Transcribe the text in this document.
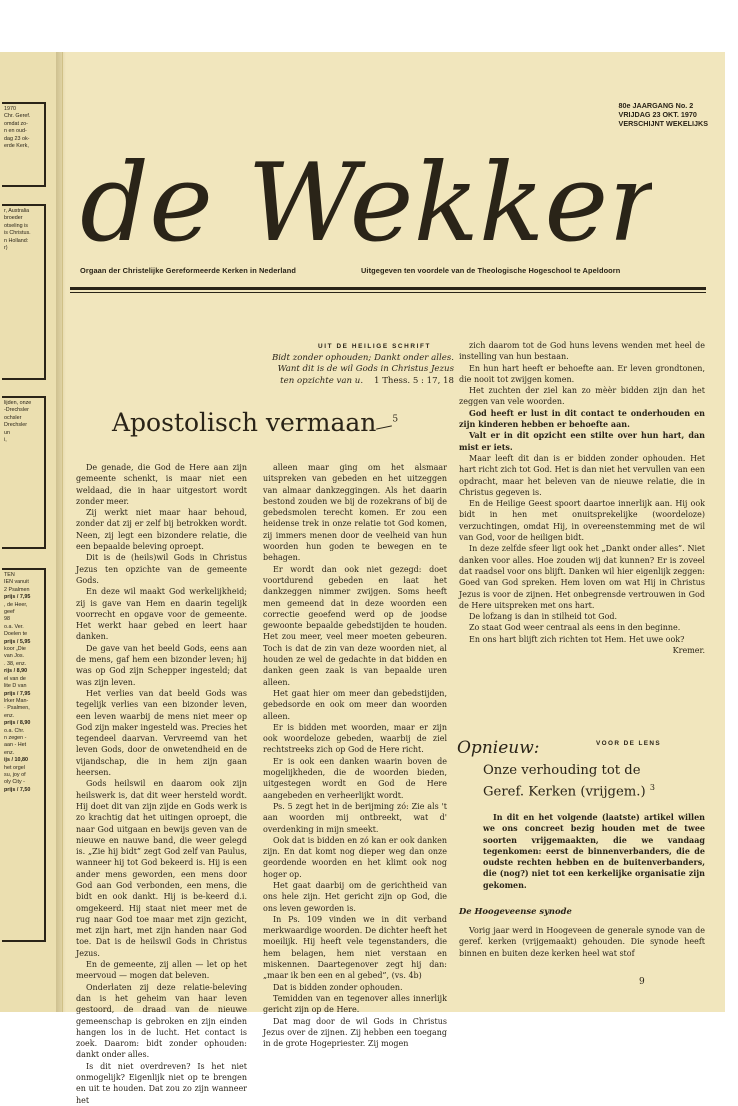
1970
Chr. Geref.
omdat zo-
n en oud-
dag 23 ok-
erde Kerk,
r, Australia
broeder
otseling is
is Christus.
n Holland:
r)
lijden, onze
-Drechsler
ochsler
Drechsler
un
i,
TEN
IEN vanuit
2 Psalmen
prijs / 7,95
, de Heer,
geef
98
o.a. Ver.
Doelen te
prijs / 5,95
koor „Die
van Jos.
. 38, enz.
rijs / 8,90
el van de
lite D van
prijs / 7,95
lrker Man-
· Psalmen,
enz.
prijs / 8,90
o.a. Chr.
n zegen -
aan - Het
enz.
ijs / 10,80
het orgel
su, joy of
oly City -
prijs / 7,50
80e JAARGANG No. 2
VRIJDAG 23 OKT. 1970
VERSCHIJNT WEKELIJKS
de Wekker
Orgaan der Christelijke Gereformeerde Kerken in Nederland	Uitgegeven ten voordele van de Theologische Hogeschool te Apeldoorn
UIT DE HEILIGE SCHRIFT
Bidt zonder ophouden; Dankt onder alles.
Want dit is de wil Gods in Christus Jezus
ten opzichte van u. 1 Thess. 5 : 17, 18
Apostolisch vermaan $^5$

De genade, die God de Here aan zijn gemeente schenkt, is maar niet een weldaad, die in haar uitgestort wordt zonder meer.

Zij werkt niet maar haar behoud, zonder dat zij er zelf bij betrokken wordt. Neen, zij legt een bizondere relatie, die een bepaalde beleving oproept.

Dit is de (heils)wil Gods in Christus Jezus ten opzichte van de gemeente Gods.

En deze wil maakt God werkelijkheid; zij is gave van Hem en daarin tegelijk voorrecht en opgave voor de gemeente. Het werkt haar gebed en leert haar danken.

De gave van het beeld Gods, eens aan de mens, gaf hem een bizonder leven; hij was op God zijn Schepper ingesteld; dat was zijn leven.

Het verlies van dat beeld Gods was tegelijk verlies van een bizonder leven, een leven waarbij de mens niet meer op God zijn maker ingesteld was. Precies het tegendeel daarvan. Vervreemd van het leven Gods, door de onwetendheid en de vijandschap, die in hem zijn gaan heersen.

Gods heilswil en daarom ook zijn heilswerk is, dat dit weer hersteld wordt. Hij doet dit van zijn zijde en Gods werk is zo krachtig dat het uitingen oproept, die naar God uitgaan en bewijs geven van de nieuwe en nauwe band, die weer gelegd is. „Zie hij bidt” zegt God zelf van Paulus, wanneer hij tot God bekeerd is. Hij is een ander mens geworden, een mens door God aan God verbonden, een mens, die bidt en ook dankt. Hij is be-keerd d.i. omgekeerd. Hij staat niet meer met de rug naar God toe maar met zijn gezicht, met zijn hart, met zijn handen naar God toe. Dat is de heilswil Gods in Christus Jezus.

En de gemeente, zij allen — let op het meervoud — mogen dat beleven.

Onderlaten zij deze relatie-beleving dan is het geheim van haar leven gestoord, de draad van de nieuwe gemeenschap is gebroken en zijn einden hangen los in de lucht. Het contact is zoek. Daarom: bidt zonder ophouden: dankt onder alles.

Is dit niet overdreven? Is het niet onmogelijk? Eigenlijk niet op te brengen en uit te houden. Dat zou zo zijn wanneer het

alleen maar ging om het alsmaar uitspreken van gebeden en het uitzeggen van almaar dankzeggingen. Als het daarin bestond zouden we bij de rozekrans of bij de gebedsmolen terecht komen. Er zou een heidense trek in onze relatie tot God komen, zij immers menen door de veelheid van hun woorden hun goden te bewegen en te behagen.

Er wordt dan ook niet gezegd: doet voortdurend gebeden en laat het dankzeggen nimmer zwijgen. Soms heeft men gemeend dat in deze woorden een correctie geoefend werd op de joodse gewoonte bepaalde gebedstijden te houden. Het zou meer, veel meer moeten gebeuren. Toch is dat de zin van deze woorden niet, al houden ze wel de gedachte in dat bidden en danken geen zaak is van bepaalde uren alleen.

Het gaat hier om meer dan gebedstijden, gebedsorde en ook om meer dan woorden alleen.

Er is bidden met woorden, maar er zijn ook woordeloze gebeden, waarbij de ziel rechtstreeks zich op God de Here richt.

Er is ook een danken waarin boven de mogelijkheden, die de woorden bieden, uitgestegen wordt en God de Here aangebeden en verheerlijkt wordt.

Ps. 5 zegt het in de berijming zó: Zie als 't aan woorden mij ontbreekt, wat d' overdenking in mijn smeekt.

Ook dat is bidden en zó kan er ook danken zijn. En dat komt nog dieper weg dan onze geordende woorden en het klimt ook nog hoger op.

Het gaat daarbij om de gerichtheid van ons hele zijn. Het gericht zijn op God, die ons leven geworden is.

In Ps. 109 vinden we in dit verband merkwaardige woorden. De dichter heeft het moeilijk. Hij heeft vele tegenstanders, die hem belagen, hem niet verstaan en miskennen. Daartegenover zegt hij dan: „maar ik ben een en al gebed”, (vs. 4b)

Dat is bidden zonder ophouden.

Temidden van en tegenover alles innerlijk gericht zijn op de Here.

Dat mag door de wil Gods in Christus Jezus over de zijnen. Zij hebben een toegang in de grote Hogepriester. Zij mogen

zich daarom tot de God huns levens wenden met heel de instelling van hun bestaan.

En hun hart heeft er behoefte aan. Er leven grondtonen, die nooit tot zwijgen komen.

Het zuchten der ziel kan zo mèèr bidden zijn dan het zeggen van vele woorden.

God heeft er lust in dit contact te onderhouden en zijn kinderen hebben er behoefte aan.

Valt er in dit opzicht een stilte over hun hart, dan mist er iets.

Maar leeft dit dan is er bidden zonder ophouden. Het hart richt zich tot God. Het is dan niet het vervullen van een opdracht, maar het beleven van de nieuwe relatie, die in Christus gegeven is.

En de Heilige Geest spoort daartoe innerlijk aan. Hij ook bidt in hen met onuitsprekelijke (woordeloze) verzuchtingen, omdat Hij, in overeenstemming met de wil van God, voor de heiligen bidt.

In deze zelfde sfeer ligt ook het „Dankt onder alles”. Niet danken voor alles. Hoe zouden wij dat kunnen? Er is zoveel dat raadsel voor ons blijft. Danken wil hier eigenlijk zeggen: Goed van God spreken. Hem loven om wat Hij in Christus Jezus is voor de zijnen. Het onbegrensde vertrouwen in God de Here uitspreken met ons hart.

De lofzang is dan in stilheid tot God.

Zo staat God weer centraal als eens in den beginne.

En ons hart blijft zich richten tot Hem. Het uwe ook?

Kremer.

Opnieuw:	VOOR DE LENS
Onze verhouding tot de
Geref. Kerken (vrijgem.) $^3$

In dit en het volgende (laatste) artikel willen we ons concreet bezig houden met de twee soorten vrijgemaakten, die we vandaag tegenkomen: eerst de binnenverbanders, die de oudste rechten hebben en de buitenverbanders, die (nog?) niet tot een kerkelijke organisatie zijn gekomen.

De Hoogeveense synode

Vorig jaar werd in Hoogeveen de generale synode van de geref. kerken (vrijgemaakt) gehouden. Die synode heeft binnen en buiten deze kerken heel wat stof

9
